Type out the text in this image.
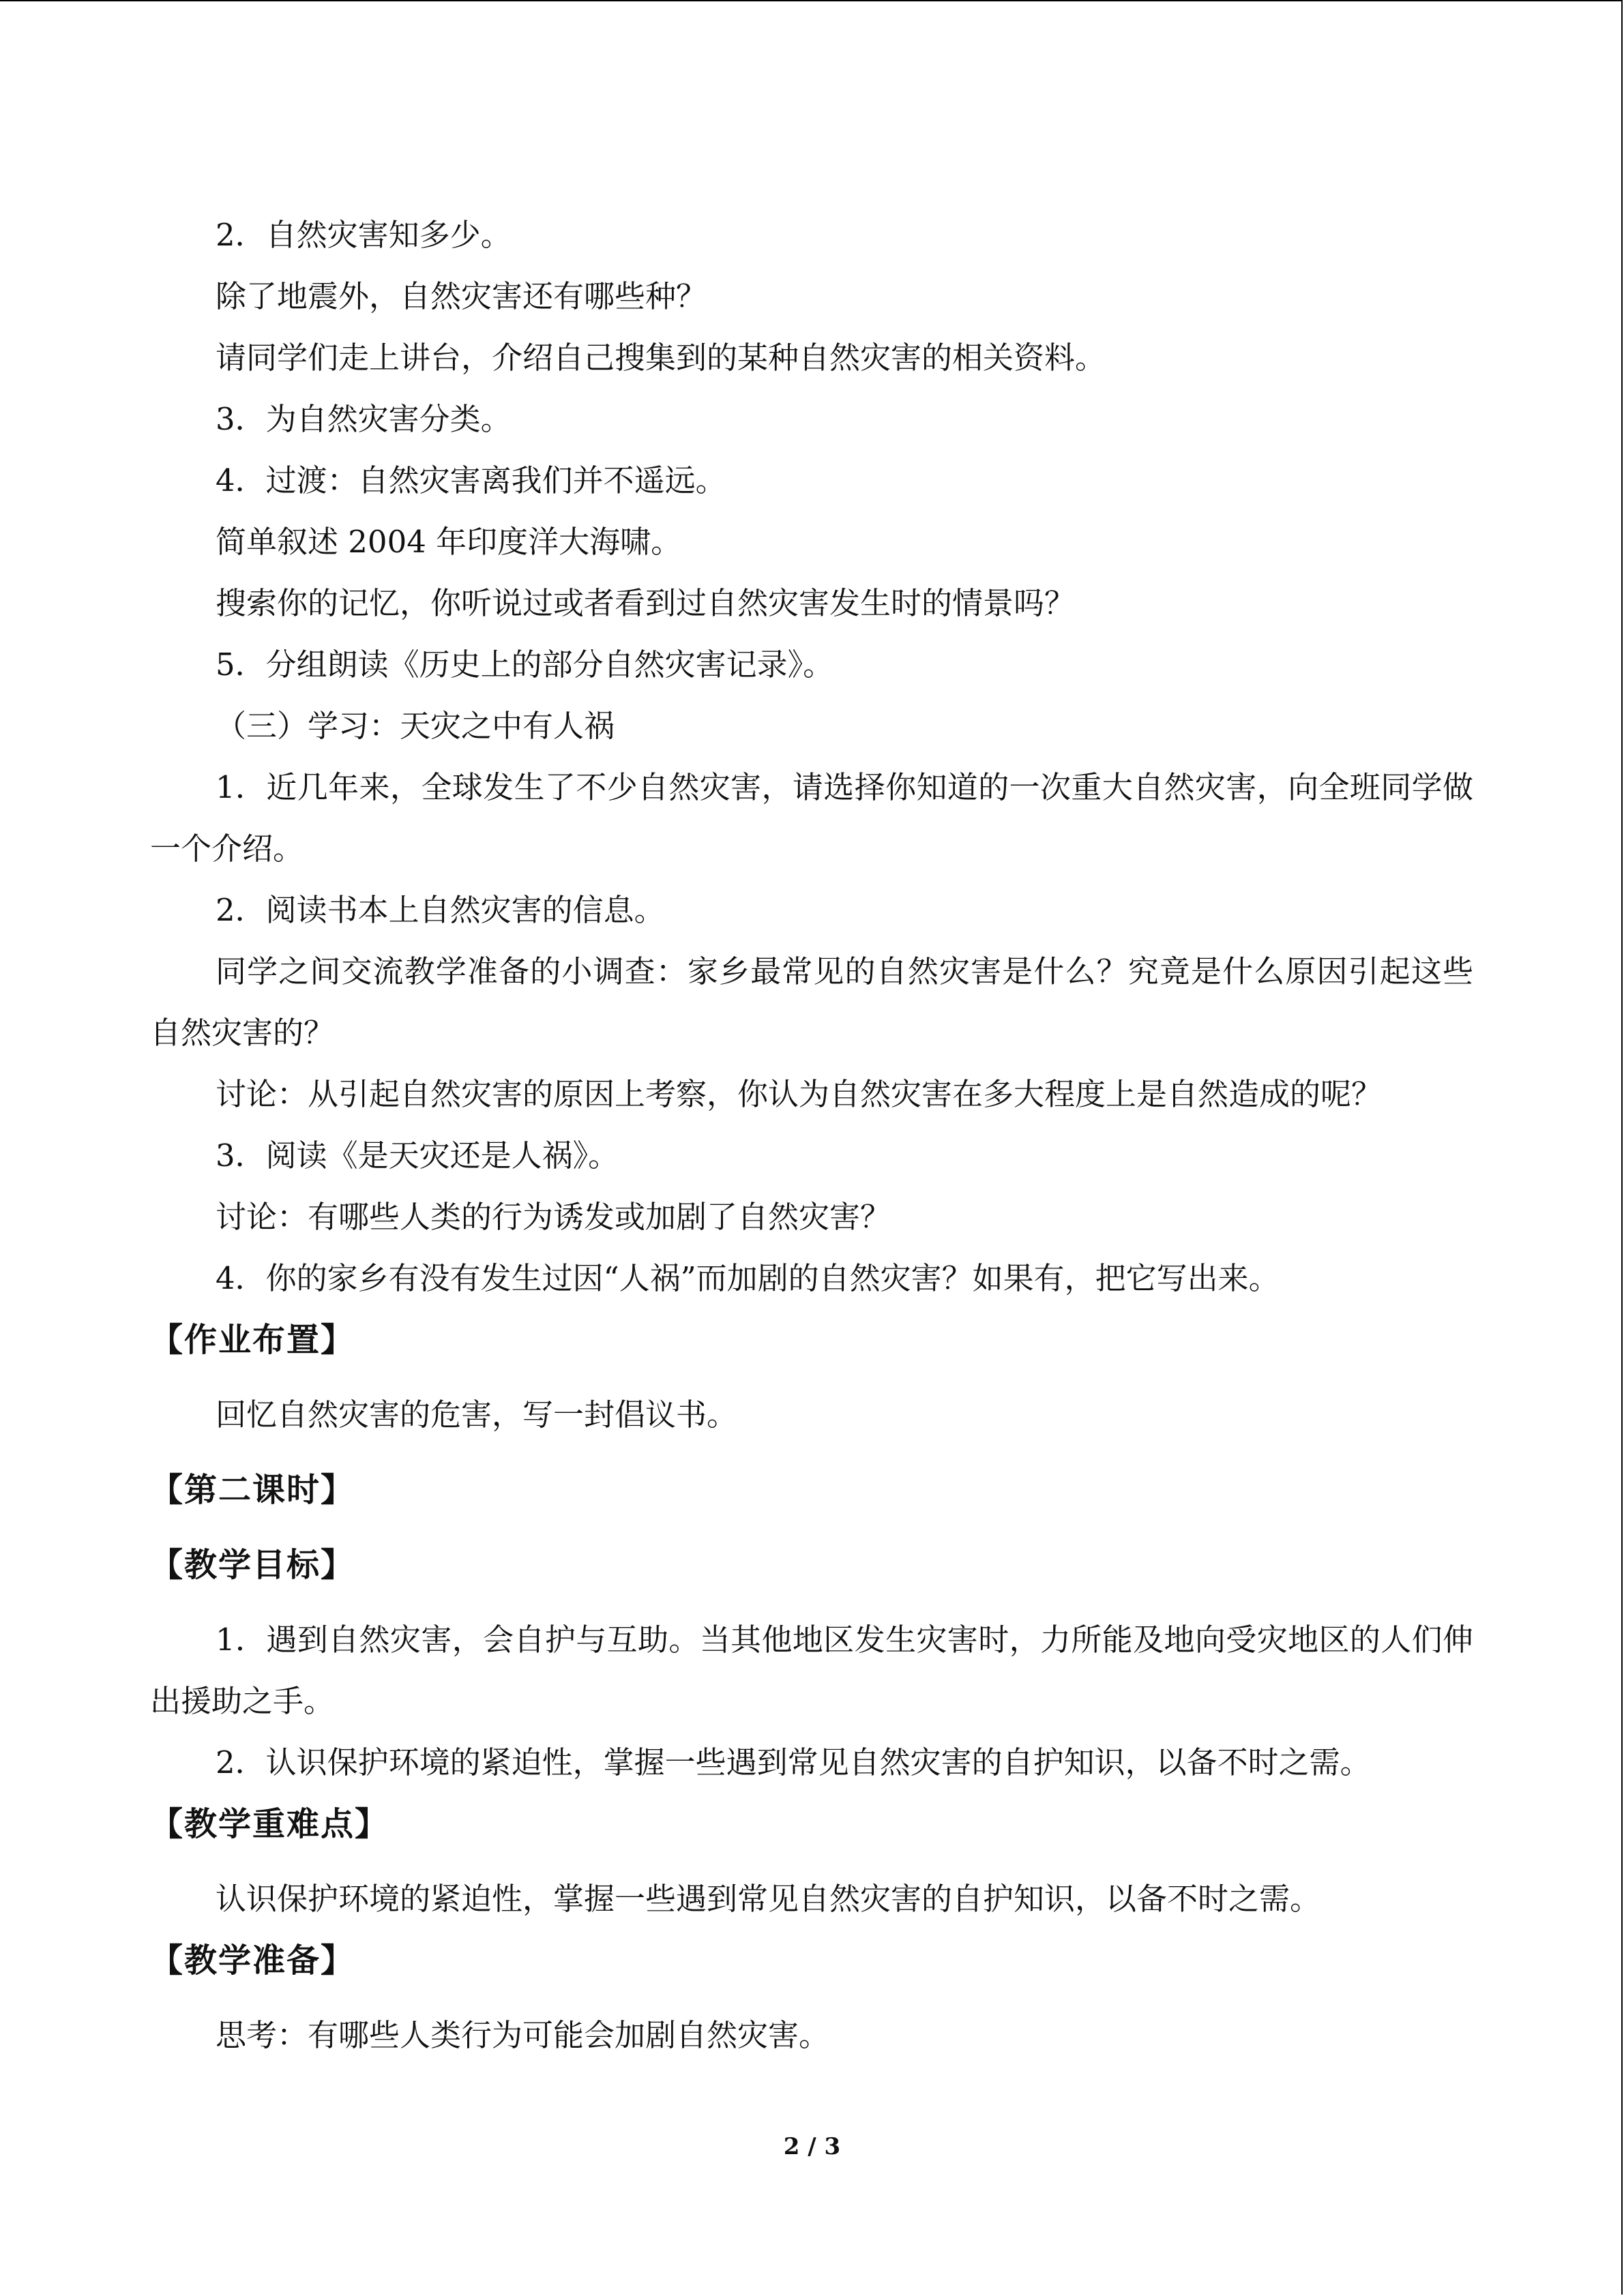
2．自然灾害知多少。

除了地震外，自然灾害还有哪些种？

请同学们走上讲台，介绍自己搜集到的某种自然灾害的相关资料。

3．为自然灾害分类。

4．过渡：自然灾害离我们并不遥远。

简单叙述 2004 年印度洋大海啸。

搜索你的记忆，你听说过或者看到过自然灾害发生时的情景吗？

5．分组朗读《历史上的部分自然灾害记录》。

（三）学习：天灾之中有人祸

1．近几年来，全球发生了不少自然灾害，请选择你知道的一次重大自然灾害，向全班同学做一个介绍。

2．阅读书本上自然灾害的信息。

同学之间交流教学准备的小调查：家乡最常见的自然灾害是什么？究竟是什么原因引起这些自然灾害的？

讨论：从引起自然灾害的原因上考察，你认为自然灾害在多大程度上是自然造成的呢？

3．阅读《是天灾还是人祸》。

讨论：有哪些人类的行为诱发或加剧了自然灾害？

4．你的家乡有没有发生过因“人祸”而加剧的自然灾害？如果有，把它写出来。

【作业布置】

回忆自然灾害的危害，写一封倡议书。

【第二课时】
【教学目标】

1．遇到自然灾害，会自护与互助。当其他地区发生灾害时，力所能及地向受灾地区的人们伸出援助之手。

2．认识保护环境的紧迫性，掌握一些遇到常见自然灾害的自护知识，以备不时之需。

【教学重难点】

认识保护环境的紧迫性，掌握一些遇到常见自然灾害的自护知识，以备不时之需。

【教学准备】

思考：有哪些人类行为可能会加剧自然灾害。

2 / 3
